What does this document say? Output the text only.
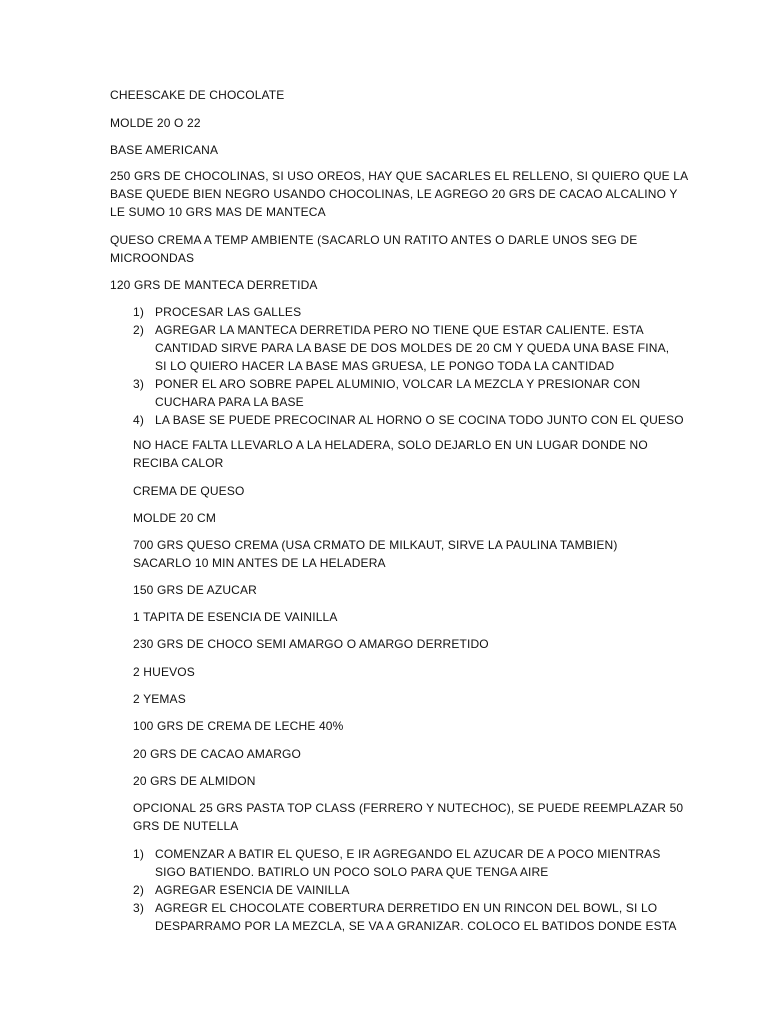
CHEESCAKE DE CHOCOLATE

MOLDE 20 O 22

BASE AMERICANA

250 GRS DE CHOCOLINAS, SI USO OREOS, HAY QUE SACARLES EL RELLENO, SI QUIERO QUE LA
BASE QUEDE BIEN NEGRO USANDO CHOCOLINAS, LE AGREGO 20 GRS DE CACAO ALCALINO Y
LE SUMO 10 GRS MAS DE MANTECA
QUESO CREMA A TEMP AMBIENTE (SACARLO UN RATITO ANTES O DARLE UNOS SEG DE
MICROONDAS

120 GRS DE MANTECA DERRETIDA

1) PROCESAR LAS GALLES
2) AGREGAR LA MANTECA DERRETIDA PERO NO TIENE QUE ESTAR CALIENTE. ESTA
CANTIDAD SIRVE PARA LA BASE DE DOS MOLDES DE 20 CM Y QUEDA UNA BASE FINA,
SI LO QUIERO HACER LA BASE MAS GRUESA, LE PONGO TODA LA CANTIDAD
3) PONER EL ARO SOBRE PAPEL ALUMINIO, VOLCAR LA MEZCLA Y PRESIONAR CON
CUCHARA PARA LA BASE
4) LA BASE SE PUEDE PRECOCINAR AL HORNO O SE COCINA TODO JUNTO CON EL QUESO
NO HACE FALTA LLEVARLO A LA HELADERA, SOLO DEJARLO EN UN LUGAR DONDE NO
RECIBA CALOR

CREMA DE QUESO

MOLDE 20 CM

700 GRS QUESO CREMA (USA CRMATO DE MILKAUT, SIRVE LA PAULINA TAMBIEN)
SACARLO 10 MIN ANTES DE LA HELADERA

150 GRS DE AZUCAR

1 TAPITA DE ESENCIA DE VAINILLA

230 GRS DE CHOCO SEMI AMARGO O AMARGO DERRETIDO

2 HUEVOS

2 YEMAS

100 GRS DE CREMA DE LECHE 40%

20 GRS DE CACAO AMARGO

20 GRS DE ALMIDON

OPCIONAL 25 GRS PASTA TOP CLASS (FERRERO Y NUTECHOC), SE PUEDE REEMPLAZAR 50
GRS DE NUTELLA
1) COMENZAR A BATIR EL QUESO, E IR AGREGANDO EL AZUCAR DE A POCO MIENTRAS
SIGO BATIENDO. BATIRLO UN POCO SOLO PARA QUE TENGA AIRE
2) AGREGAR ESENCIA DE VAINILLA
3) AGREGR EL CHOCOLATE COBERTURA DERRETIDO EN UN RINCON DEL BOWL, SI LO
DESPARRAMO POR LA MEZCLA, SE VA A GRANIZAR. COLOCO EL BATIDOS DONDE ESTA
